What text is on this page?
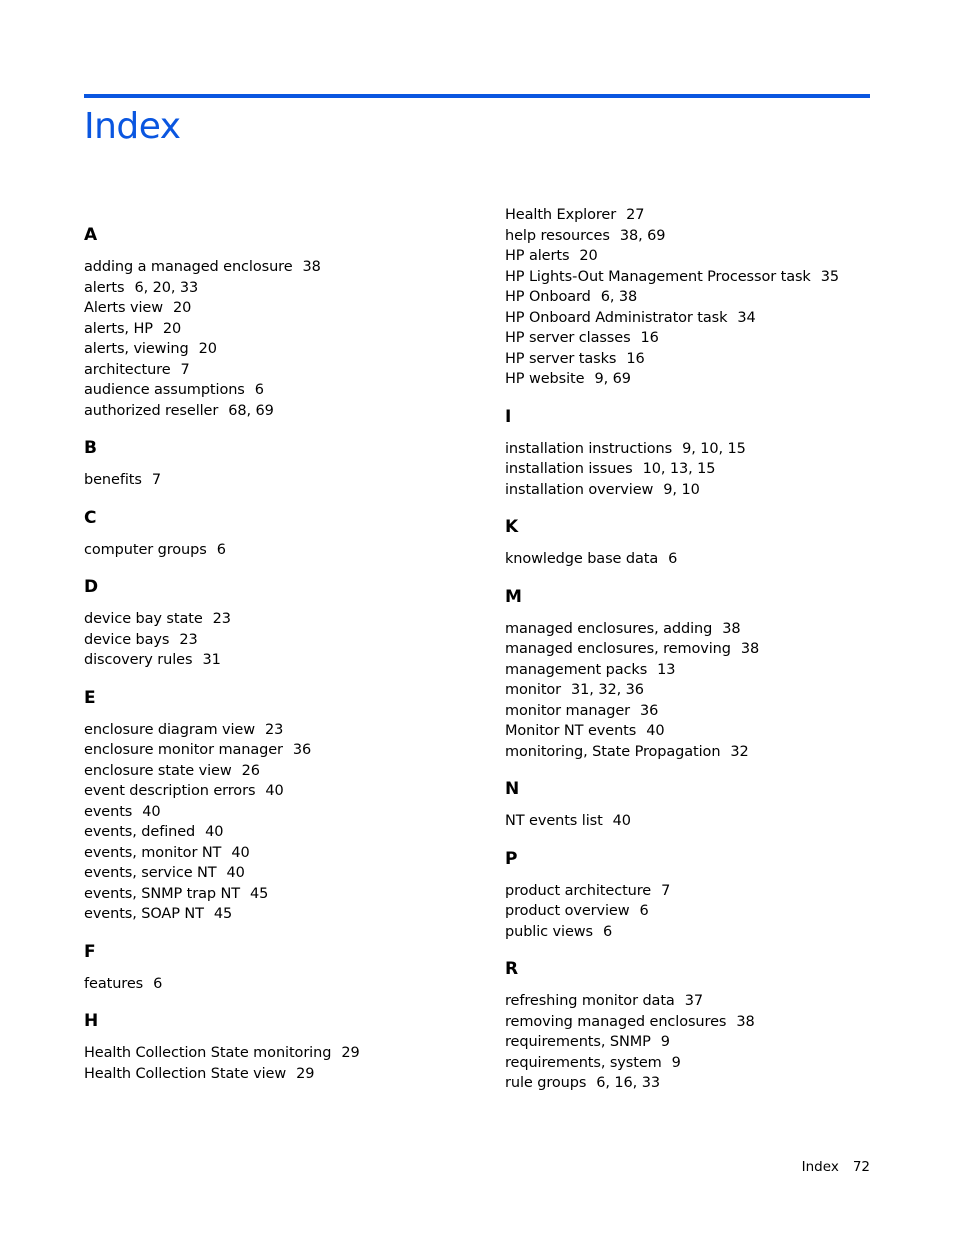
Index
A
adding a managed enclosure 38
alerts 6, 20, 33
Alerts view 20
alerts, HP 20
alerts, viewing 20
architecture 7
audience assumptions 6
authorized reseller 68, 69
B
benefits 7
C
computer groups 6
D
device bay state 23
device bays 23
discovery rules 31
E
enclosure diagram view 23
enclosure monitor manager 36
enclosure state view 26
event description errors 40
events 40
events, defined 40
events, monitor NT 40
events, service NT 40
events, SNMP trap NT 45
events, SOAP NT 45
F
features 6
H
Health Collection State monitoring 29
Health Collection State view 29
Health Explorer 27
help resources 38, 69
HP alerts 20
HP Lights-Out Management Processor task 35
HP Onboard 6, 38
HP Onboard Administrator task 34
HP server classes 16
HP server tasks 16
HP website 9, 69
I
installation instructions 9, 10, 15
installation issues 10, 13, 15
installation overview 9, 10
K
knowledge base data 6
M
managed enclosures, adding 38
managed enclosures, removing 38
management packs 13
monitor 31, 32, 36
monitor manager 36
Monitor NT events 40
monitoring, State Propagation 32
N
NT events list 40
P
product architecture 7
product overview 6
public views 6
R
refreshing monitor data 37
removing managed enclosures 38
requirements, SNMP 9
requirements, system 9
rule groups 6, 16, 33
Index 72
